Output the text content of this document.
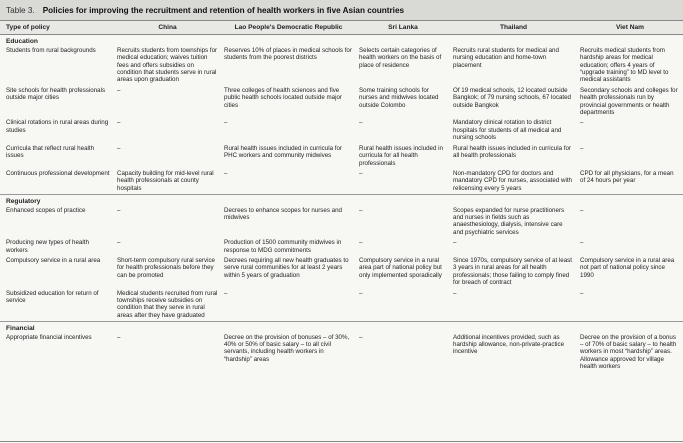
Table 3. Policies for improving the recruitment and retention of health workers in five Asian countries
Type of policy	China	Lao People's Democratic Republic	Sri Lanka	Thailand	Viet Nam
Education					
Students from rural backgrounds	Recruits students from townships for medical education; waives tuition fees and offers subsidies on condition that students serve in rural areas upon graduation	Reserves 10% of places in medical schools for students from the poorest districts	Selects certain categories of health workers on the basis of place of residence	Recruits rural students for medical and nursing education and home-town placement	Recruits medical students from hardship areas for medical education; offers 4 years of “upgrade training” to MD level to medical assistants
Site schools for health professionals outside major cities	–	Three colleges of health sciences and five public health schools located outside major cities	Some training schools for nurses and midwives located outside Colombo	Of 19 medical schools, 12 located outside Bangkok; of 79 nursing schools, 67 located outside Bangkok	Secondary schools and colleges for health professionals run by provincial governments or health departments
Clinical rotations in rural areas during studies	–	–	–	Mandatory clinical rotation to district hospitals for students of all medical and nursing schools	–
Curricula that reflect rural health issues	–	Rural health issues included in curricula for PHC workers and community midwives	Rural health issues included in curricula for all health professionals	Rural health issues included in curricula for all health professionals	–
Continuous professional development	Capacity building for mid-level rural health professionals at county hospitals	–	–	Non-mandatory CPD for doctors and mandatory CPD for nurses, associated with relicensing every 5 years	CPD for all physicians, for a mean of 24 hours per year
Regulatory					
Enhanced scopes of practice	–	Decrees to enhance scopes for nurses and midwives	–	Scopes expanded for nurse practitioners and nurses in fields such as anaesthesiology, dialysis, intensive care and psychiatric services	–
Producing new types of health workers	–	Production of 1500 community midwives in response to MDG commitments	–	–	–
Compulsory service in a rural area	Short-term compulsory rural service for health professionals before they can be promoted	Decrees requiring all new health graduates to serve rural communities for at least 2 years within 5 years of graduation	Compulsory service in a rural area part of national policy but only implemented sporadically	Since 1970s, compulsory service of at least 3 years in rural areas for all health professionals; those failing to comply fined for breach of contract	Compulsory service in a rural area not part of national policy since 1990
Subsidized education for return of service	Medical students recruited from rural townships receive subsidies on condition that they serve in rural areas after they have graduated	–	–	–	–
Financial					
Appropriate financial incentives	–	Decree on the provision of bonuses – of 30%, 40% or 50% of basic salary – to all civil servants, including health workers in “hardship” areas	–	Additional incentives provided, such as hardship allowance, non-private-practice incentive	Decree on the provision of a bonus – of 70% of basic salary – to health workers in most “hardship” areas. Allowance approved for village health workers
